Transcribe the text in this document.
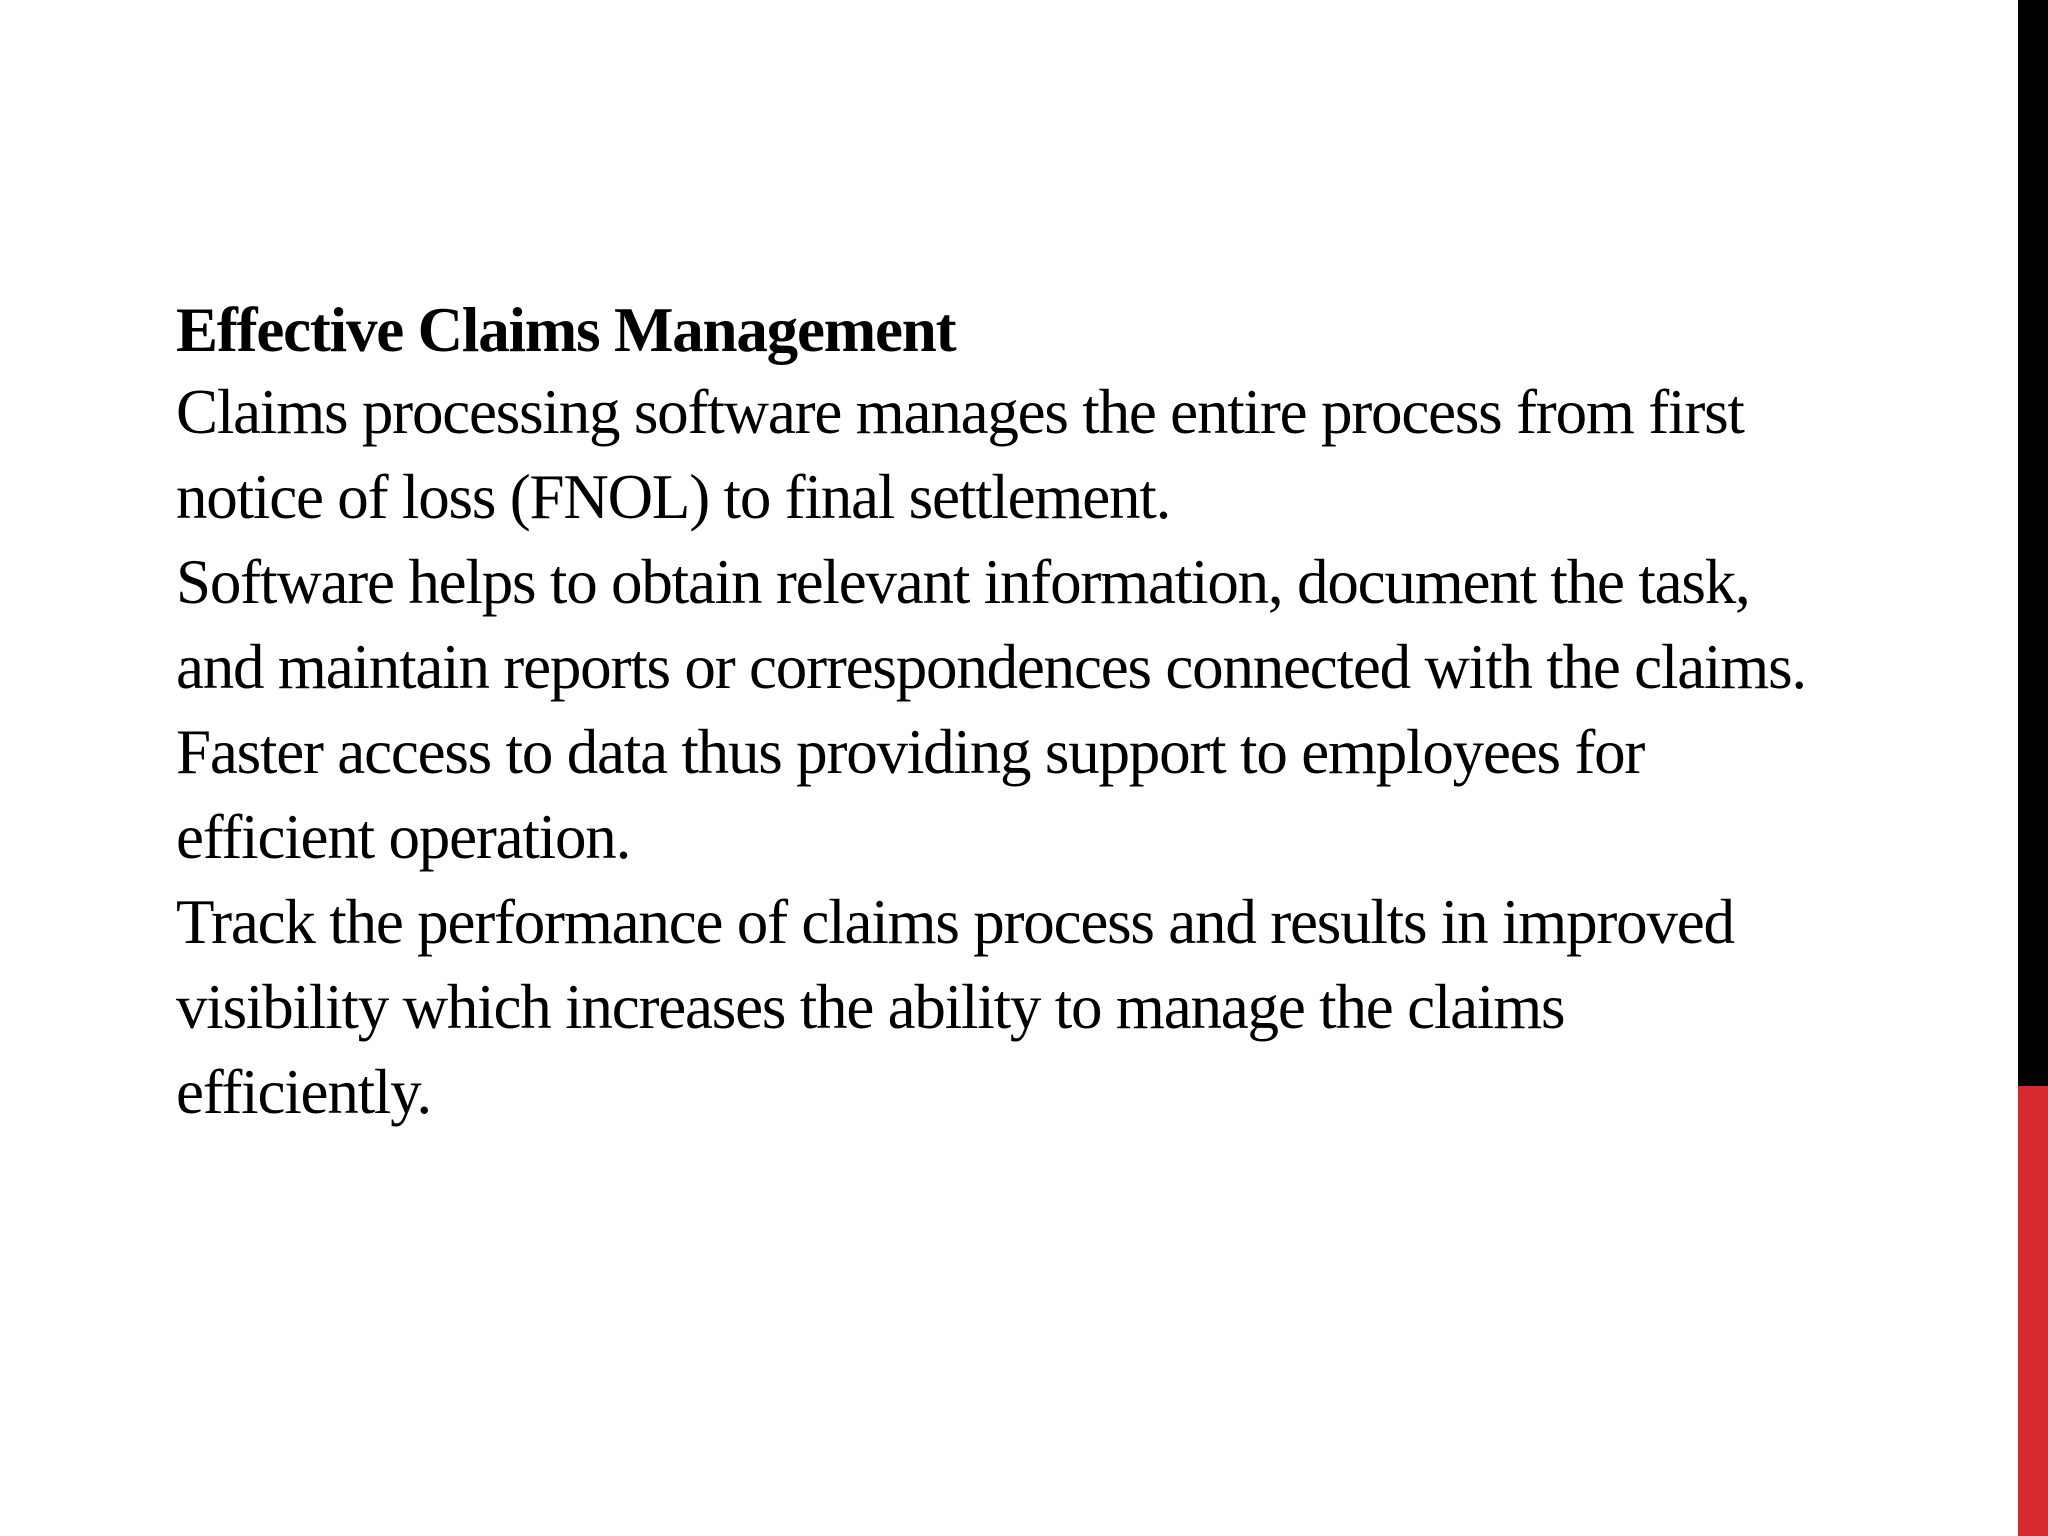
Effective Claims Management

Claims processing software manages the entire process from first notice of loss (FNOL) to final settlement.

Software helps to obtain relevant information, document the task, and maintain reports or correspondences connected with the claims.

Faster access to data thus providing support to employees for efficient operation.

Track the performance of claims process and results in improved visibility which increases the ability to manage the claims efficiently.
